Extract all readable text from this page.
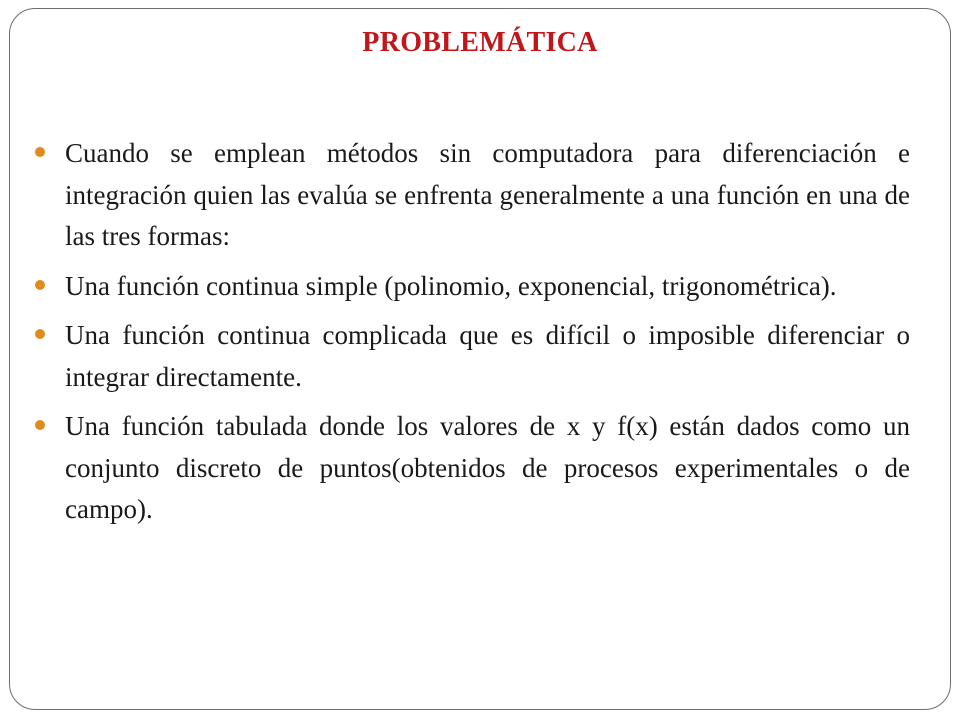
PROBLEMÁTICA
Cuando se emplean métodos sin computadora para diferenciación e integración quien las evalúa se enfrenta generalmente a una función en una de las tres formas:
Una función continua simple (polinomio, exponencial, trigonométrica).
Una función continua complicada que es difícil o imposible diferenciar o integrar directamente.
Una función tabulada donde los valores de x y f(x) están dados como un conjunto discreto de puntos(obtenidos de procesos experimentales o de campo).
